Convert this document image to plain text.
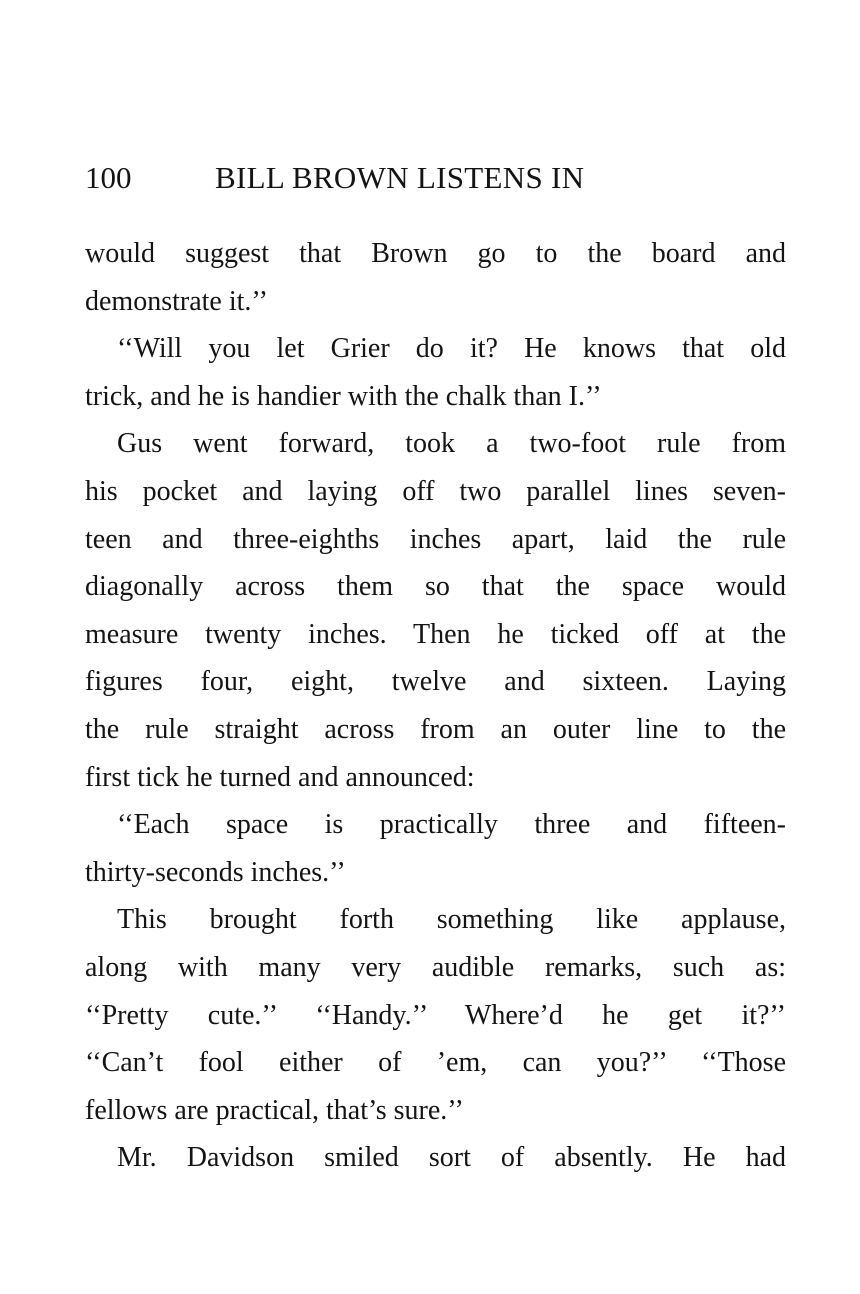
100	BILL BROWN LISTENS IN
would suggest that Brown go to the board and
demonstrate it.’’
‘‘Will you let Grier do it? He knows that old
trick, and he is handier with the chalk than I.’’
Gus went forward, took a two-foot rule from
his pocket and laying off two parallel lines seven-
teen and three-eighths inches apart, laid the rule
diagonally across them so that the space would
measure twenty inches. Then he ticked off at the
figures four, eight, twelve and sixteen. Laying
the rule straight across from an outer line to the
first tick he turned and announced:
‘‘Each space is practically three and fifteen-
thirty-seconds inches.’’
This brought forth something like applause,
along with many very audible remarks, such as:
‘‘Pretty cute.’’ ‘‘Handy.’’ Where’d he get it?’’
‘‘Can’t fool either of ’em, can you?’’ ‘‘Those
fellows are practical, that’s sure.’’
Mr. Davidson smiled sort of absently. He had
